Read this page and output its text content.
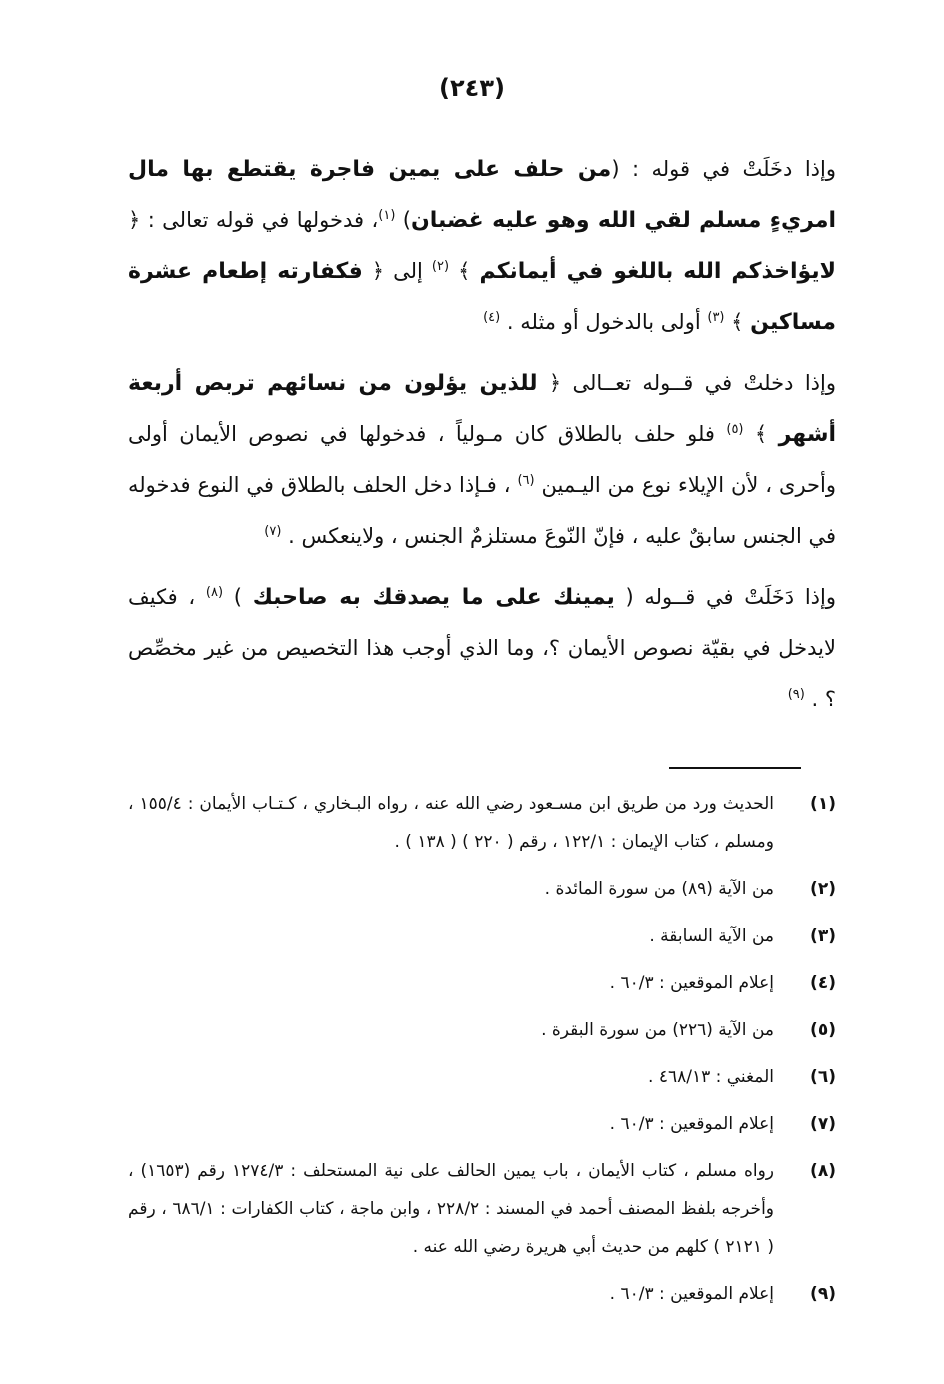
(٢٤٣)

وإذا دخَلَتْ في قوله : (من حلف على يمين فاجرة يقتطع بها مال امريءٍ مسلم لقي الله وهو عليه غضبان) $^{(١)}$، فدخولها في قوله تعالى : ﴿ لايؤاخذكم الله باللغو في أيمانكم ﴾ $^{(٢)}$ إلى ﴿ فكفارته إطعام عشرة مساكين ﴾ $^{(٣)}$ أولى بالدخول أو مثله . $^{(٤)}$

وإذا دخلتْ في قــوله تعــالى ﴿ للذين يؤلون من نسائهم تربص أربعة أشهر ﴾ $^{(٥)}$ فلو حلف بالطلاق كان مـولياً ، فدخولها في نصوص الأيمان أولى وأحرى ، لأن الإيلاء نوع من اليـمين $^{(٦)}$ ، فـإذا دخل الحلف بالطلاق في النوع فدخوله في الجنس سابقٌ عليه ، فإنّ النّوعَ مستلزمٌ الجنس ، ولاينعكس . $^{(٧)}$

وإذا دَخَلَتْ في قــوله ( يمينك على ما يصدقك به صاحبك ) $^{(٨)}$ ، فكيف لايدخل في بقيّة نصوص الأيمان ؟، وما الذي أوجب هذا التخصيص من غير مخصِّص ؟ . $^{(٩)}$

(١)
الحديث ورد من طريق ابن مسـعود رضي الله عنه ، رواه البـخاري ، كـتـاب الأيمان : ١٥٥/٤ ، ومسلم ، كتاب الإيمان : ١٢٢/١ ، رقم ( ٢٢٠ ) ( ١٣٨ ) .
(٢)
من الآية (٨٩) من سورة المائدة .
(٣)
من الآية السابقة .
(٤)
إعلام الموقعين : ٦٠/٣ .
(٥)
من الآية (٢٢٦) من سورة البقرة .
(٦)
المغني : ٤٦٨/١٣ .
(٧)
إعلام الموقعين : ٦٠/٣ .
(٨)
رواه مسلم ، كتاب الأيمان ، باب يمين الحالف على نية المستحلف : ١٢٧٤/٣ رقم (١٦٥٣) ، وأخرجه بلفظ المصنف أحمد في المسند : ٢٢٨/٢ ، وابن ماجة ، كتاب الكفارات : ٦٨٦/١ ، رقم ( ٢١٢١ ) كلهم من حديث أبي هريرة رضي الله عنه .
(٩)
إعلام الموقعين : ٦٠/٣ .
